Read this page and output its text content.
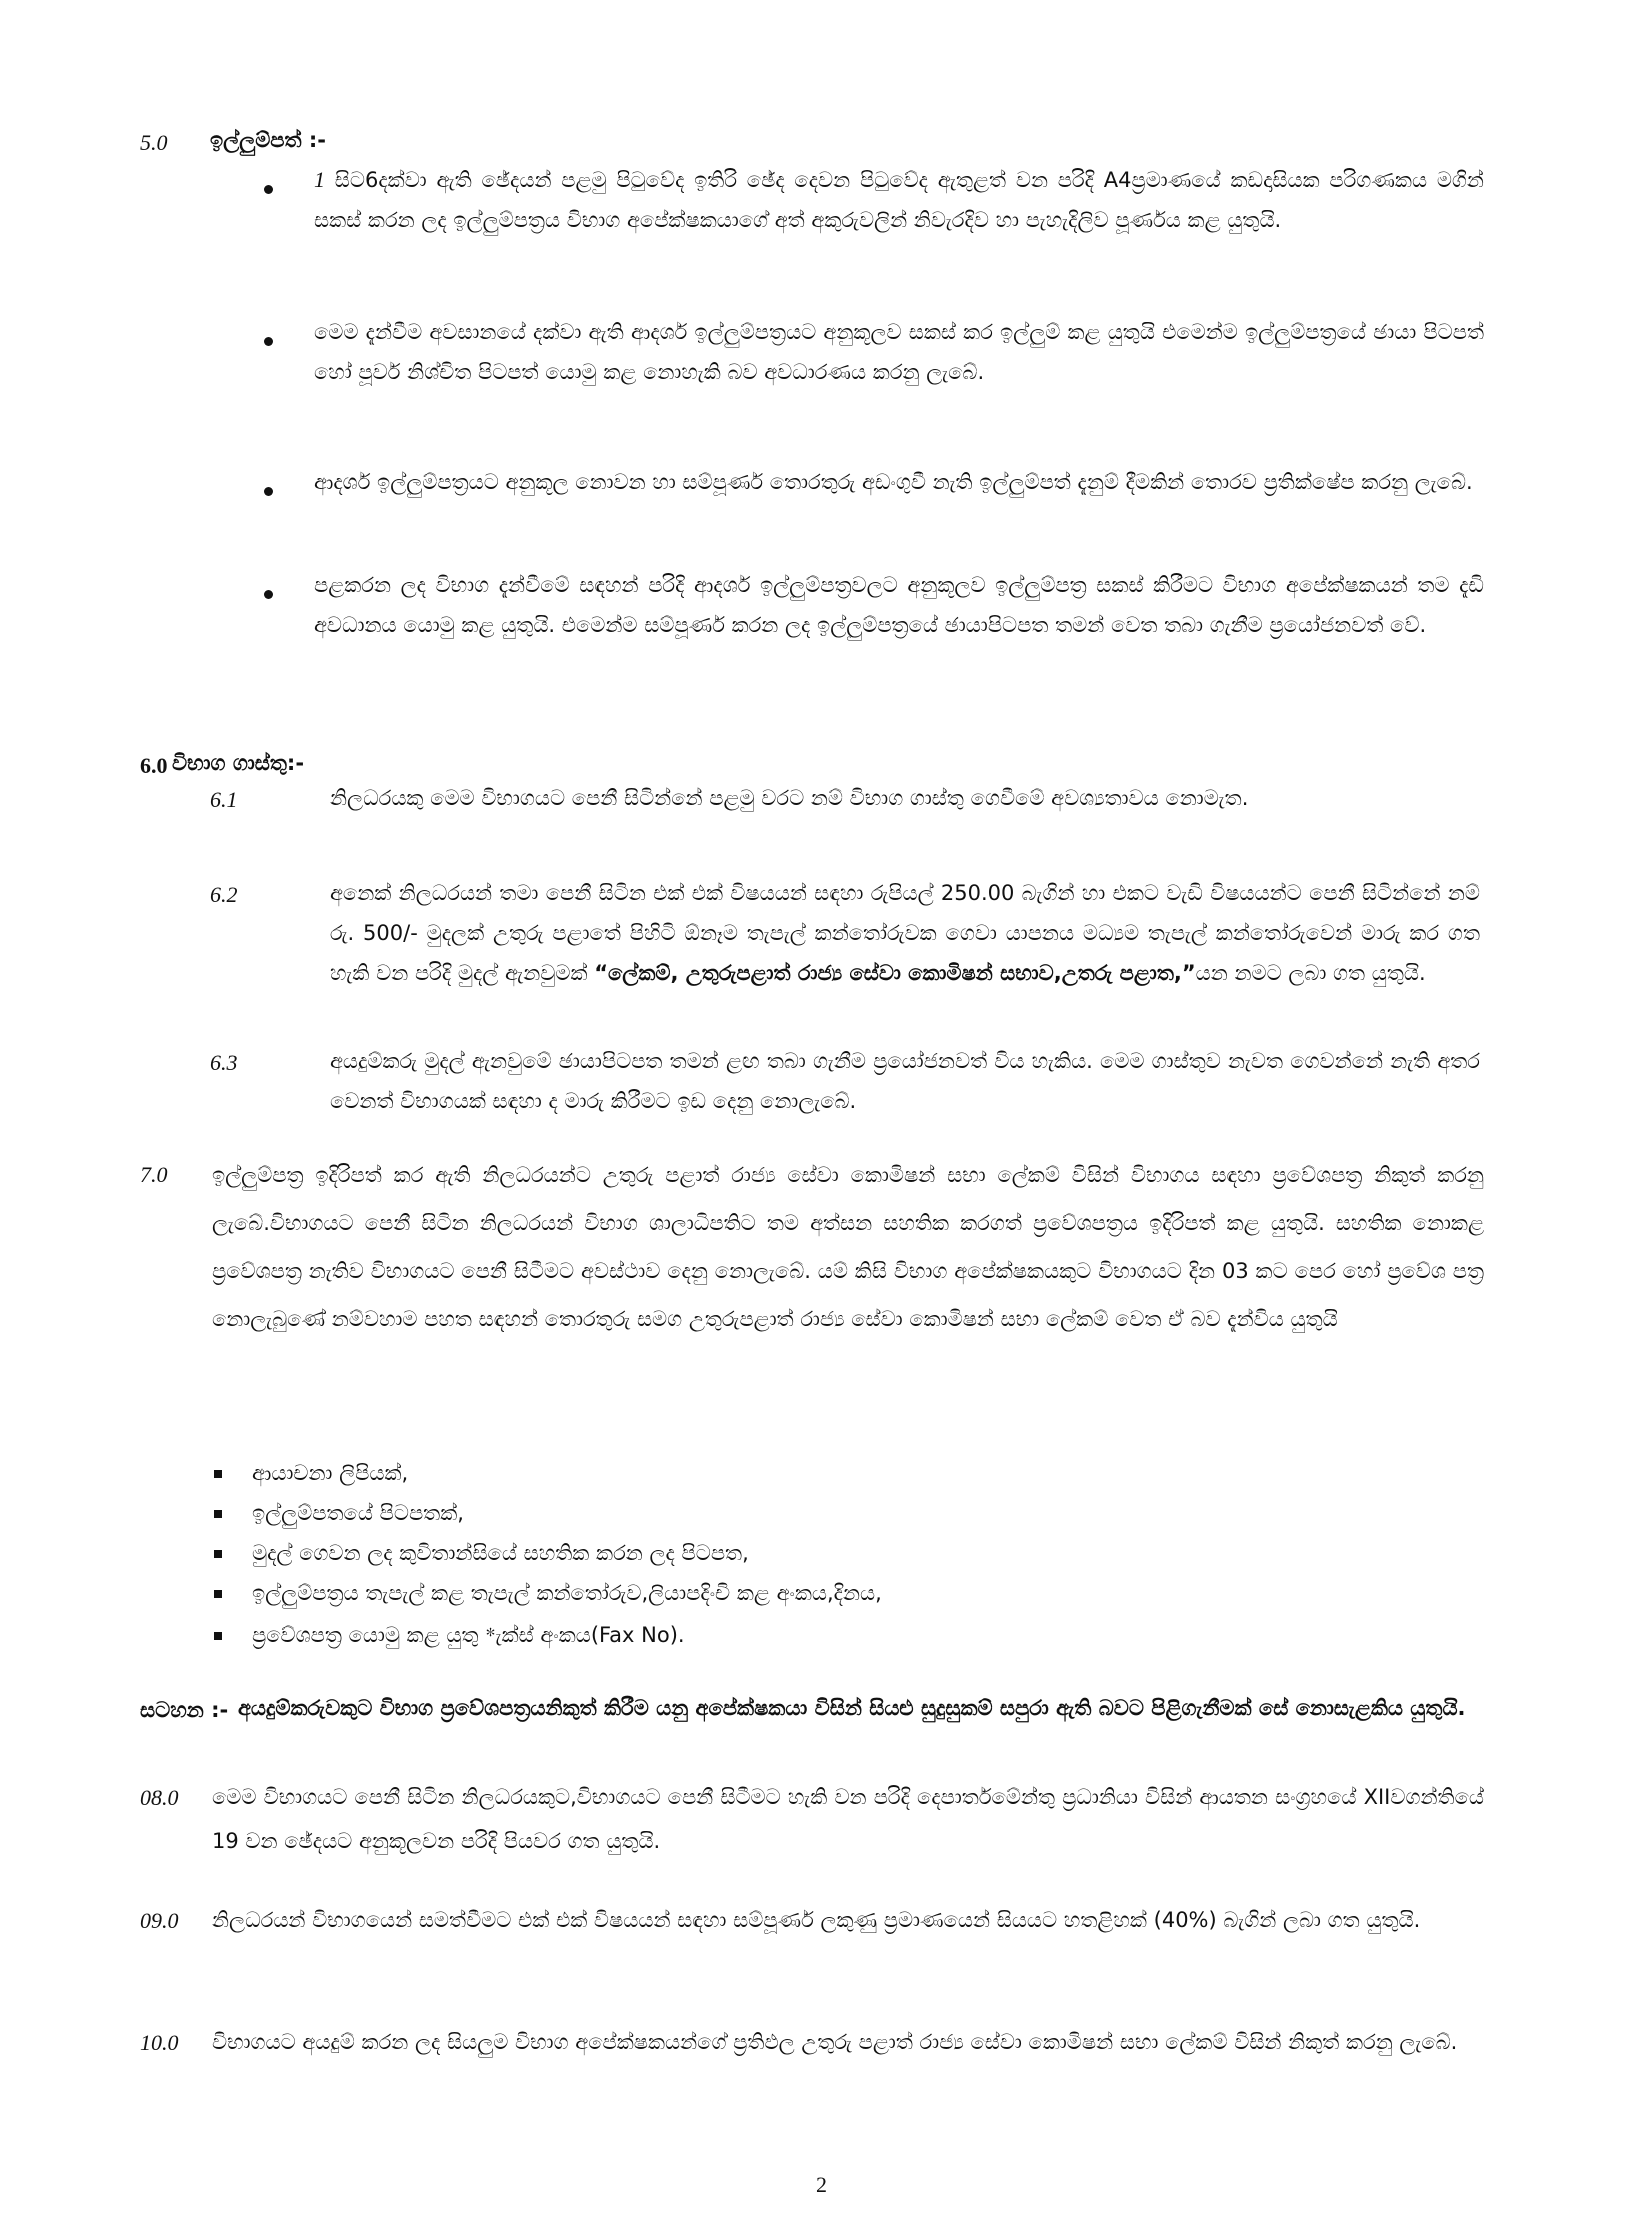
5.0 ඉල්ලුම්පත් :-

1 සිට6දක්වා ඇති ඡේදයන් පළමු පිටුවේද ඉතිරි ඡේද දෙවන පිටුවේද ඇතුළත් වන පරිදි A4ප්‍රමාණයේ කඩදාසියක පරිගණකය මගින් සකස් කරන ලද ඉල්ලුම්පත්‍රය විභාග අපේක්ෂකයාගේ අත් අකුරුවලින් නිවැරදිව හා පැහැදිලිව පූර්ණය කළ යුතුයි.

මෙම දැන්වීම අවසානයේ දක්වා ඇති ආදර්ශ ඉල්ලුම්පත්‍රයට අනුකූලව සකස් කර ඉල්ලුම් කළ යුතුයි එමෙන්ම ඉල්ලුම්පත්‍රයේ ඡායා පිටපත් හෝ පූර්ව නිශ්චිත පිටපත් යොමු කළ නොහැකි බව අවධාරණය කරනු ලැබේ.
ආදර්ශ ඉල්ලුම්පත්‍රයට අනුකූල නොවන හා සම්පූර්ණ තොරතුරු අඩංගුවී නැති ඉල්ලුම්පත් දැනුම් දීමකින් තොරව ප්‍රතික්ෂේප කරනු ලැබේ.
පළකරන ලද විභාග දැන්වීමේ සඳහන් පරිදි ආදර්ශ ඉල්ලුම්පත්‍රවලට අනුකූලව ඉල්ලුම්පත්‍ර සකස් කිරීමට විභාග අපේක්ෂකයන් තම දැඩි අවධානය යොමු කළ යුතුයි. එමෙන්ම සම්පූර්ණ කරන ලද ඉල්ලුම්පත්‍රයේ ඡායාපිටපත තමන් වෙත තබා ගැනීම ප්‍රයෝජනවත් වේ.
6.0 විභාග ගාස්තු:-
6.1	නිලධරයකු මෙම විභාගයට පෙනී සිටින්නේ පළමු වරට නම් විභාග ගාස්තු ගෙවීමේ අවශ්‍යතාවය නොමැත.
6.2	අනෙක් නිලධරයන් තමා පෙනී සිටින එක් එක් විෂයයන් සඳහා රුපියල් 250.00 බැගින් හා එකට වැඩි විෂයයන්ට පෙනී සිටින්නේ නම් රු. 500/- මුදලක් උතුරු පළාතේ පිහිටි ඕනෑම තැපැල් කන්තෝරුවක ගෙවා යාපනය මධ්‍යම තැපැල් කන්තෝරුවෙන් මාරු කර ගත හැකි වන පරිදි මුදල් ඇනවුමක් “ලේකම්, උතුරුපළාත් රාජ්‍ය සේවා කොමිෂන් සභාව,උතරු පළාත,”යන නමට ලබා ගත යුතුයි.

6.3	අයදුම්කරු මුදල් ඇනවුමේ ඡායාපිටපත තමන් ළඟ තබා ගැනීම ප්‍රයෝජනවත් විය හැකිය. මෙම ගාස්තුව නැවත ගෙවන්නේ නැති අතර වෙනත් විභාගයක් සඳහා ද මාරු කිරීමට ඉඩ දෙනු නොලැබේ.
7.0 ඉල්ලුම්පත්‍ර ඉදිරිපත් කර ඇති නිලධරයන්ට උතුරු පළාත් රාජ්‍ය සේවා කොමිෂන් සභා ලේකම් විසින් විභාගය සඳහා ප්‍රවේශපත්‍ර නිකුත් කරනු ලැබේ.විභාගයට පෙනී සිටින නිලධරයන් විභාග ශාලාධිපතිට තම අත්සන සහතික කරගත් ප්‍රවේශපත්‍රය ඉදිරිපත් කළ යුතුයි. සහතික නොකළ ප්‍රවේශපත්‍ර නැතිව විභාගයට පෙනී සිටීමට අවස්ථාව දෙනු නොලැබේ. යම් කිසි විභාග අපේක්ෂකයකුට විභාගයට දින 03 කට පෙර හෝ ප්‍රවේශ පත්‍ර නොලැබුණේ නම්වහාම පහත සඳහන් තොරතුරු සමග උතුරුපළාත් රාජ්‍ය සේවා කොමිෂන් සභා ලේකම් වෙත ඒ බව දැන්විය යුතුයි
ආයාචනා ලිපියක්,
ඉල්ලුම්පතයේ පිටපතක්,
මුදල් ගෙවන ලද කුවිතාන්සියේ සහතික කරන ලද පිටපත,
ඉල්ලුම්පත්‍රය තැපැල් කළ තැපැල් කන්තෝරුව,ලියාපදිංචි කළ අංකය,දිනය,
ප්‍රවේශපත්‍ර යොමු කළ යුතු *ැක්ස් අංකය(Fax No).
සටහන :- අයදුම්කරුවකුට විභාග ප්‍රවේශපත්‍රයනිකුත් කිරීම යනු අපේක්ෂකයා විසින් සියළු සුදුසුකම් සපුරා ඇති බවට පිළිගැනීමක් සේ නොසැළකිය යුතුයි.
08.0 මෙම විභාගයට පෙනී සිටින නිලධරයකුට,විභාගයට පෙනී සිටීමට හැකි වන පරිදි දෙපාර්තමේන්තු ප්‍රධානියා විසින් ආයතන සංග්‍රහයේ XIIවගන්තියේ 19 වන ඡේදයට අනුකූලවන පරිදි පියවර ගත යුතුයි.
09.0 නිලධරයන් විභාගයෙන් සමත්වීමට එක් එක් විෂයයන් සඳහා සම්පූර්ණ ලකුණු ප්‍රමාණයෙන් සියයට හතළිහක් (40%) බැගින් ලබා ගත යුතුයි.
10.0 විභාගයට අයදුම් කරන ලද සියලුම විභාග අපේක්ෂකයන්ගේ ප්‍රතිඵල උතුරු පළාත් රාජ්‍ය සේවා කොමිෂන් සභා ලේකම් විසින් නිකුත් කරනු ලැබේ.
2
